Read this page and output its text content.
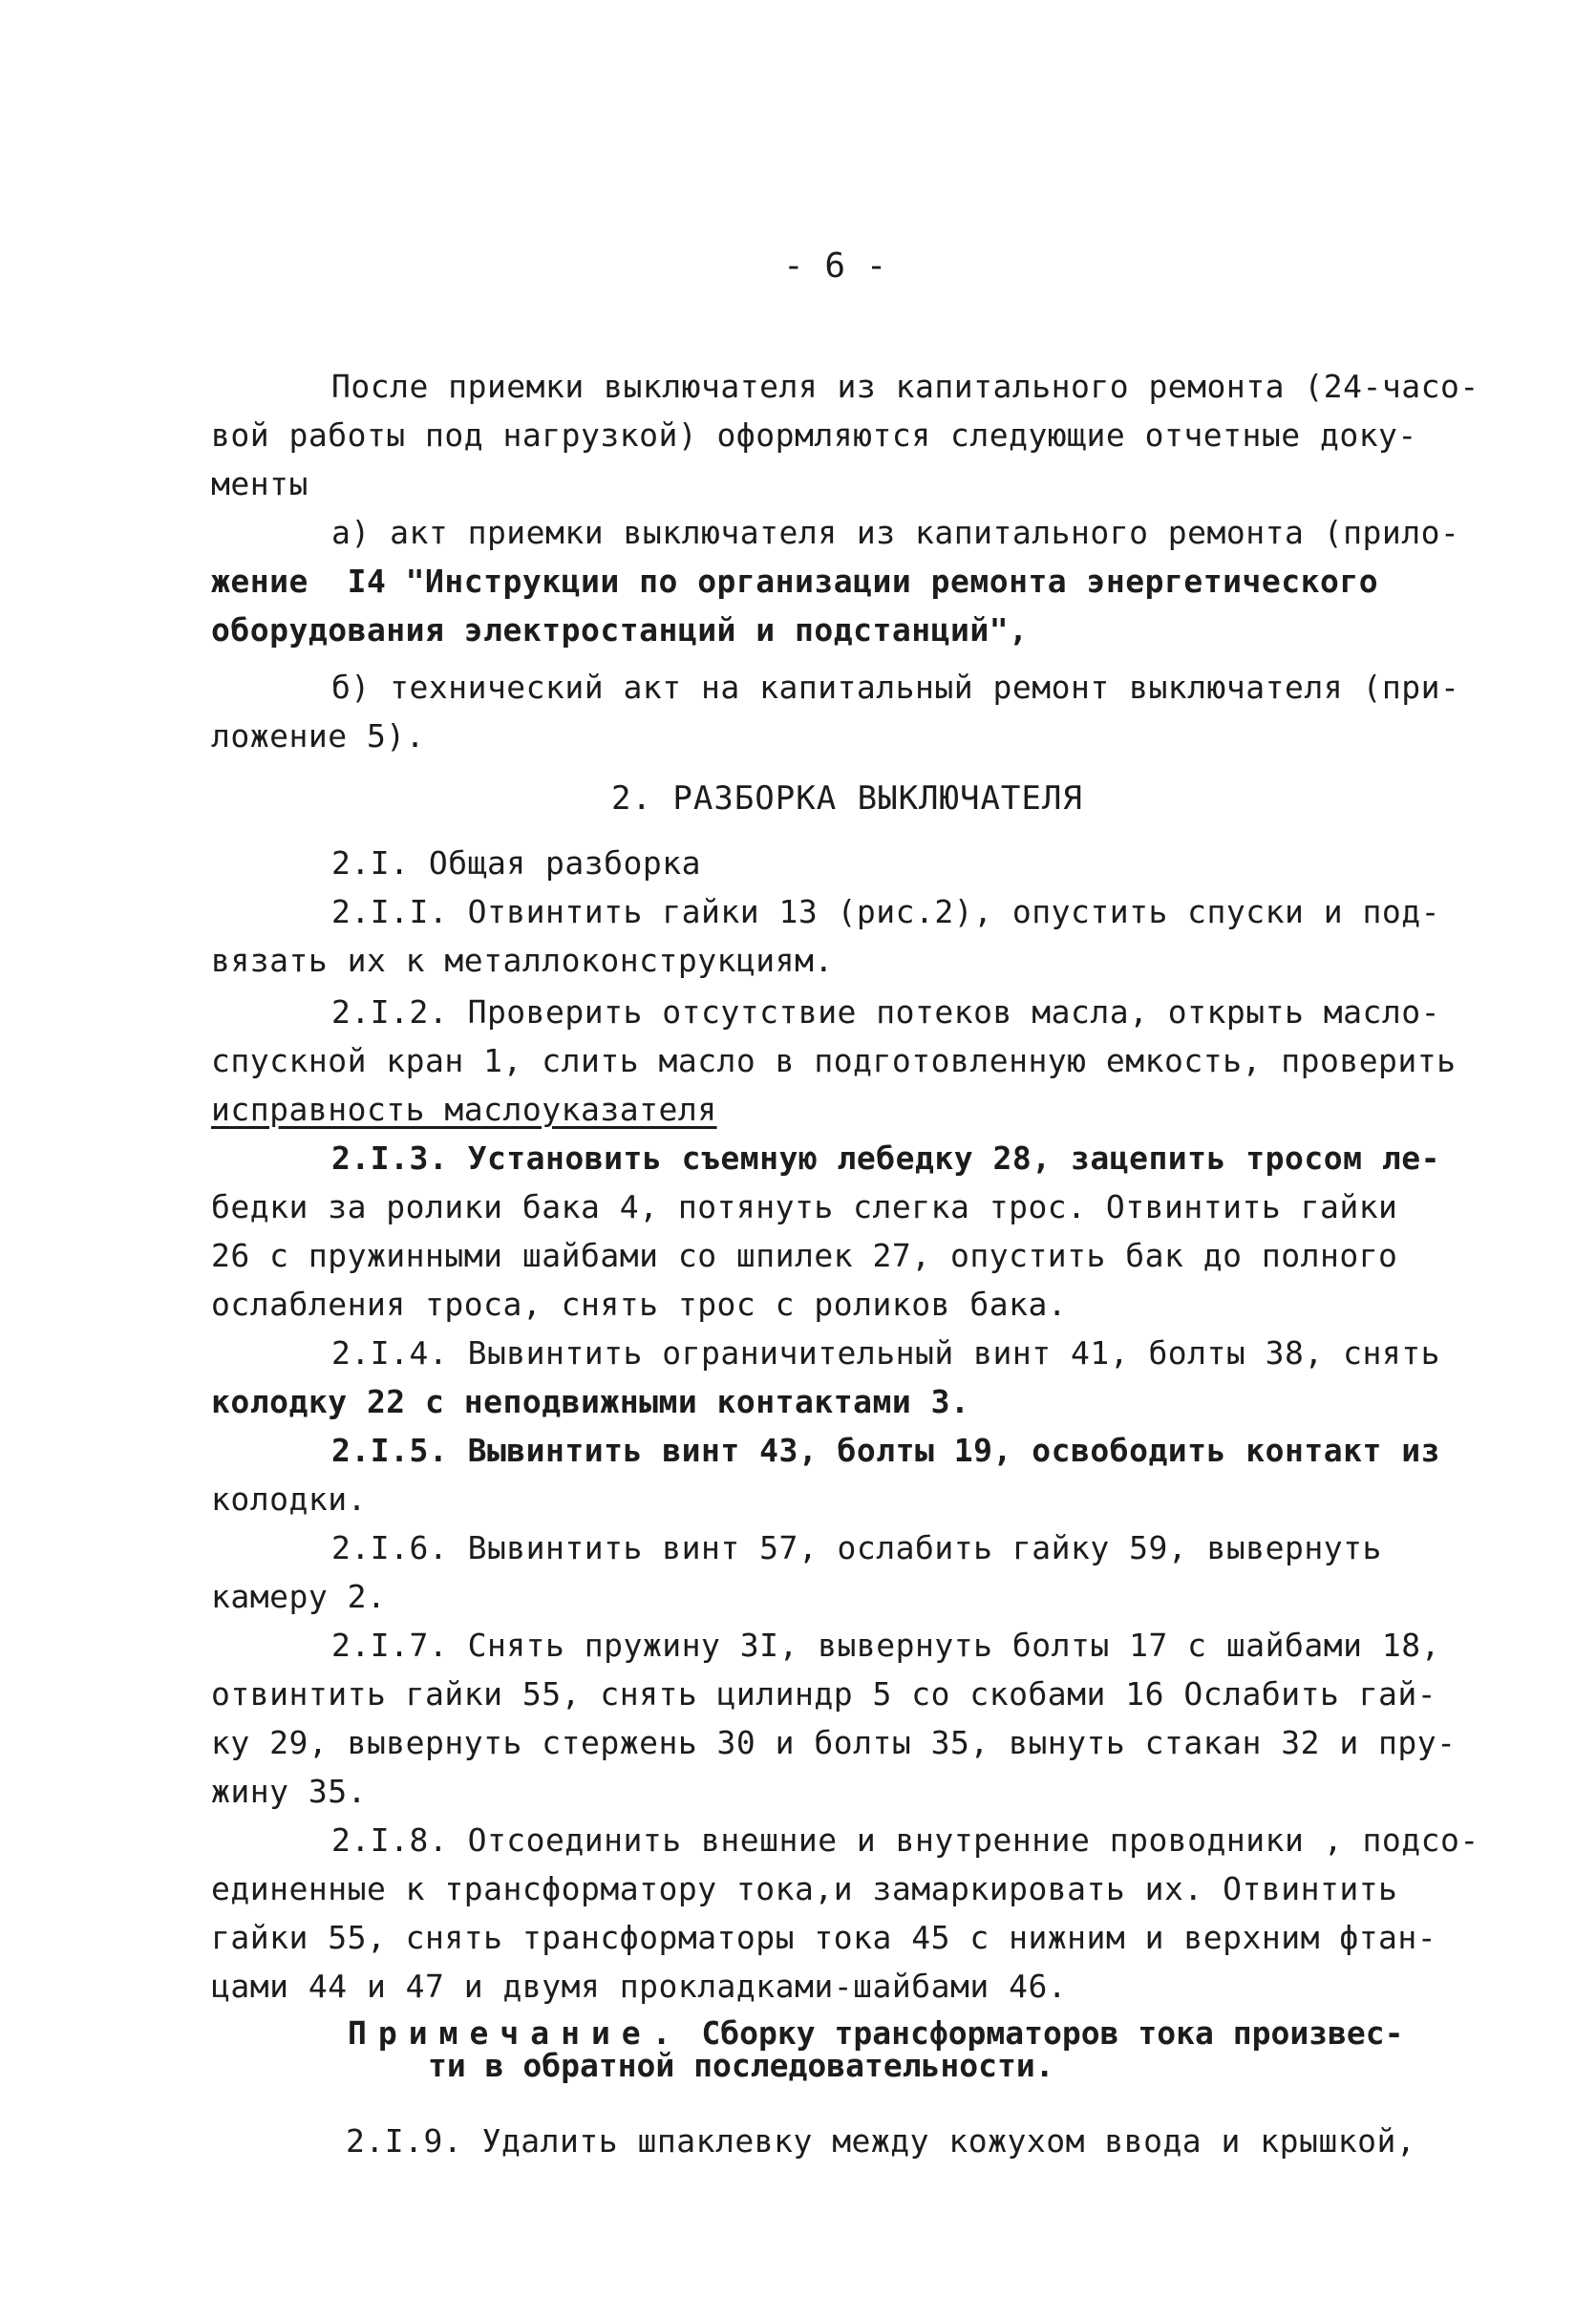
- 6 -
После приемки выключателя из капитального ремонта (24-часо-
вой работы под нагрузкой) оформляются следующие отчетные доку-
менты
а) акт приемки выключателя из капитального ремонта (прило-
жение  I4 "Инструкции по организации ремонта энергетического
оборудования электростанций и подстанций",
б) технический акт на капитальный ремонт выключателя (при-
ложение 5).
2. РАЗБОРКА ВЫКЛЮЧАТЕЛЯ
2.I. Общая разборка
2.I.I. Отвинтить гайки 13 (рис.2), опустить спуски и под-
вязать их к металлоконструкциям.
2.I.2. Проверить отсутствие потеков масла, открыть масло-
спускной кран 1, слить масло в подготовленную емкость, проверить
исправность маслоуказателя
2.I.3. Установить съемную лебедку 28, зацепить тросом ле-
бедки за ролики бака 4, потянуть слегка трос. Отвинтить гайки
26 с пружинными шайбами со шпилек 27, опустить бак до полного
ослабления троса, снять трос с роликов бака.
2.I.4. Вывинтить ограничительный винт 41, болты 38, снять
колодку 22 с неподвижными контактами 3.
2.I.5. Вывинтить винт 43, болты 19, освободить контакт из
колодки.
2.I.6. Вывинтить винт 57, ослабить гайку 59, вывернуть
камеру 2.
2.I.7. Снять пружину 3I, вывернуть болты 17 с шайбами 18,
отвинтить гайки 55, снять цилиндр 5 со скобами 16 Ослабить гай-
ку 29, вывернуть стержень 30 и болты 35, вынуть стакан 32 и пру-
жину 35.
2.I.8. Отсоединить внешние и внутренние проводники , подсо-
единенные к трансформатору тока,и замаркировать их. Отвинтить
гайки 55, снять трансформаторы тока 45 с нижним и верхним фтан-
цами 44 и 47 и двумя прокладками-шайбами 46.
Примечание. Сборку трансформаторов тока произвес-
ти в обратной последовательности.
2.I.9. Удалить шпаклевку между кожухом ввода и крышкой,
